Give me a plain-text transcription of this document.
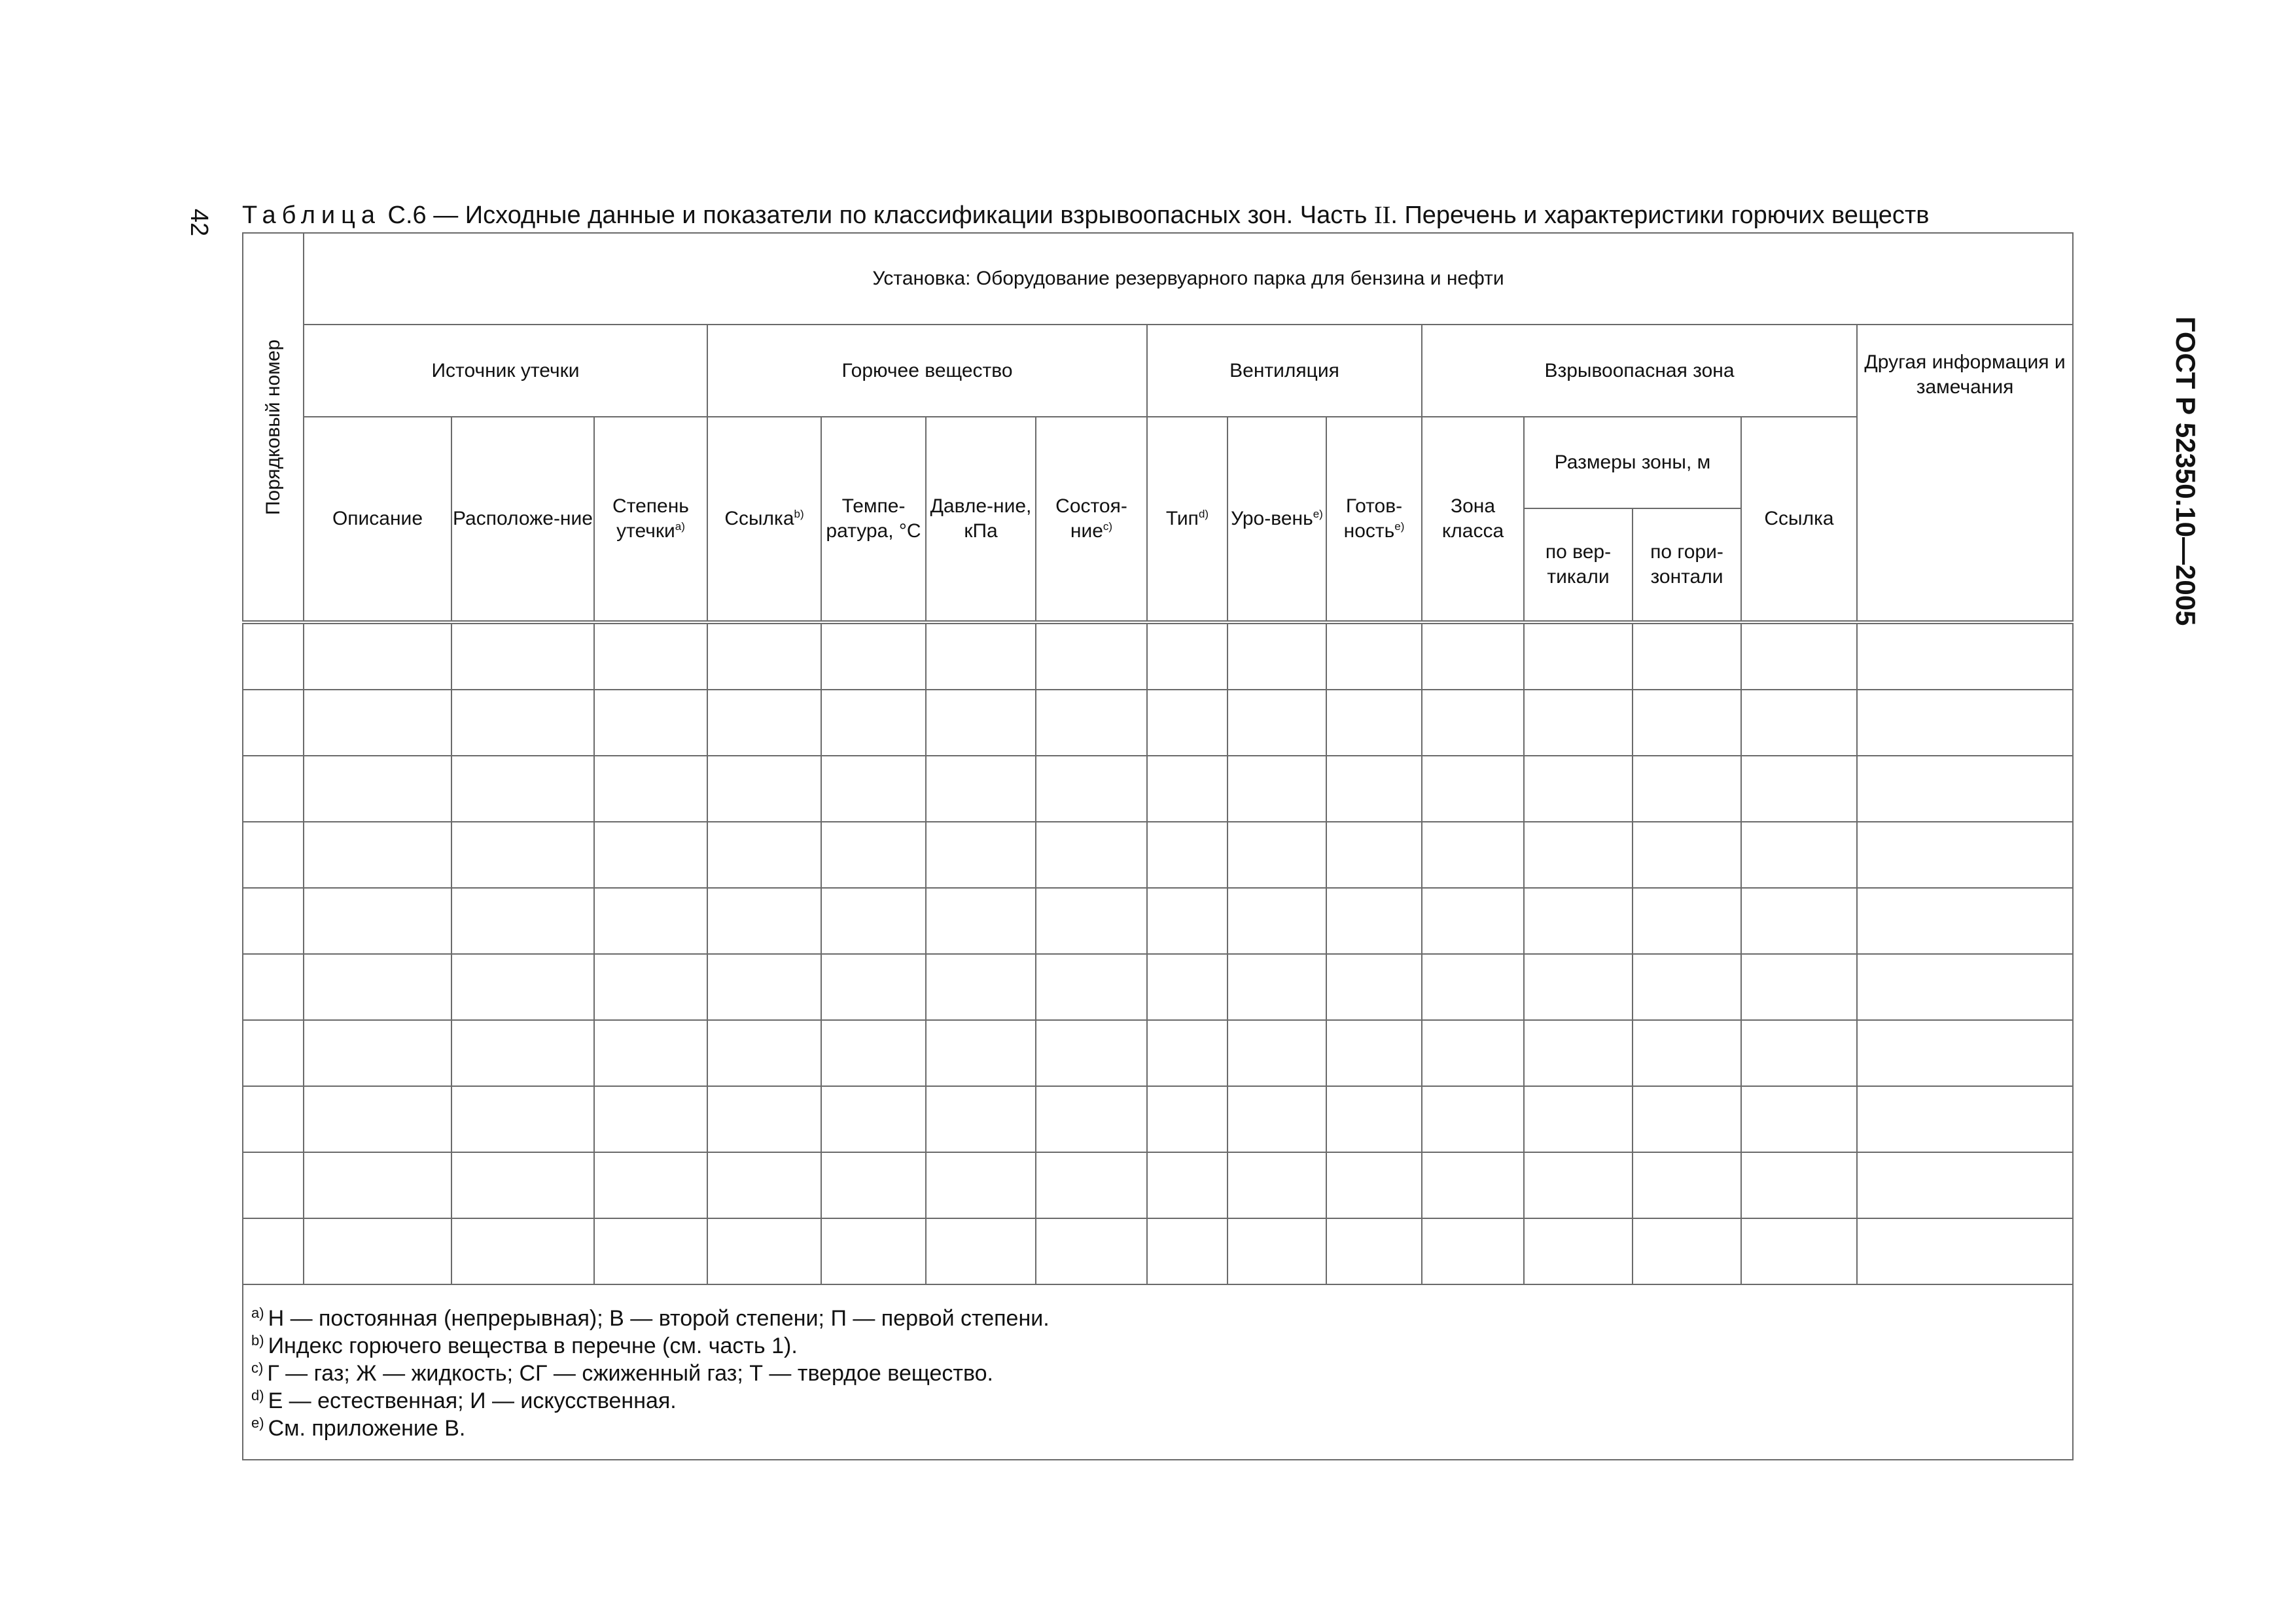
42
ГОСТ Р 52350.10—2005
Таблица С.6 — Исходные данные и показатели по классификации взрывоопасных зон. Часть II. Перечень и характеристики горючих веществ
Порядковый номер	Установка: Оборудование резервуарного парка для бензина и нефти														
	Источник утечки			Горючее вещество				Вентиляция			Взрывоопасная зона				Другая информация и замечания
	Описание	Расположе-ние	Степень утечки$^{a)}$	Ссылка$^{b)}$	Темпе-ратура, °С	Давле-ние, кПа	Состоя-ние$^{c)}$	Тип$^{d)}$	Уро-вень$^{e)}$	Готов-ность$^{e)}$	Зона класса	Размеры зоны, м		Ссылка	
												по вер-тикали	по гори-зонтали		

$^{a)}$ Н — постоянная (непрерывная); В — второй степени; П — первой степени.
$^{b)}$ Индекс горючего вещества в перечне (см. часть 1).
$^{c)}$ Г — газ; Ж — жидкость; СГ — сжиженный газ; Т — твердое вещество.
$^{d)}$ Е — естественная; И — искусственная.
$^{e)}$ См. приложение В.															
